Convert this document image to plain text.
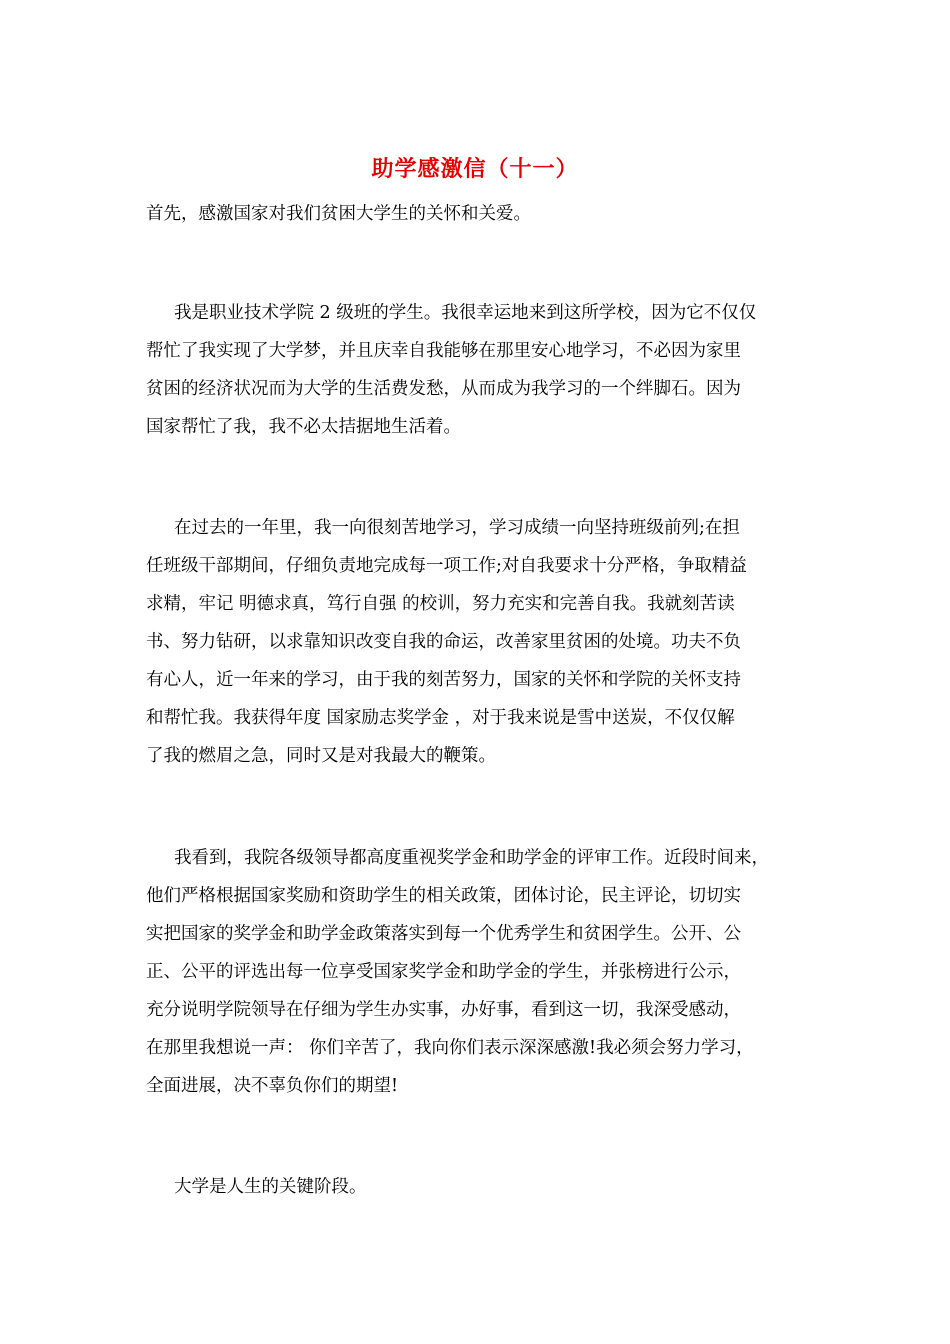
助学感激信（十一）
首先，感激国家对我们贫困大学生的关怀和关爱。
我是职业技术学院 2 级班的学生。我很幸运地来到这所学校，因为它不仅仅
帮忙了我实现了大学梦，并且庆幸自我能够在那里安心地学习，不必因为家里
贫困的经济状况而为大学的生活费发愁，从而成为我学习的一个绊脚石。因为
国家帮忙了我，我不必太拮据地生活着。
在过去的一年里，我一向很刻苦地学习，学习成绩一向坚持班级前列;在担
任班级干部期间，仔细负责地完成每一项工作;对自我要求十分严格，争取精益
求精，牢记 明德求真，笃行自强 的校训，努力充实和完善自我。我就刻苦读
书、努力钻研，以求靠知识改变自我的命运，改善家里贫困的处境。功夫不负
有心人，近一年来的学习，由于我的刻苦努力，国家的关怀和学院的关怀支持
和帮忙我。我获得年度 国家励志奖学金 ，对于我来说是雪中送炭，不仅仅解
了我的燃眉之急，同时又是对我最大的鞭策。
我看到，我院各级领导都高度重视奖学金和助学金的评审工作。近段时间来，
他们严格根据国家奖励和资助学生的相关政策，团体讨论，民主评论，切切实
实把国家的奖学金和助学金政策落实到每一个优秀学生和贫困学生。公开、公
正、公平的评选出每一位享受国家奖学金和助学金的学生，并张榜进行公示，
充分说明学院领导在仔细为学生办实事，办好事，看到这一切，我深受感动，
在那里我想说一声： 你们辛苦了，我向你们表示深深感激!我必须会努力学习，
全面进展，决不辜负你们的期望!
大学是人生的关键阶段。
